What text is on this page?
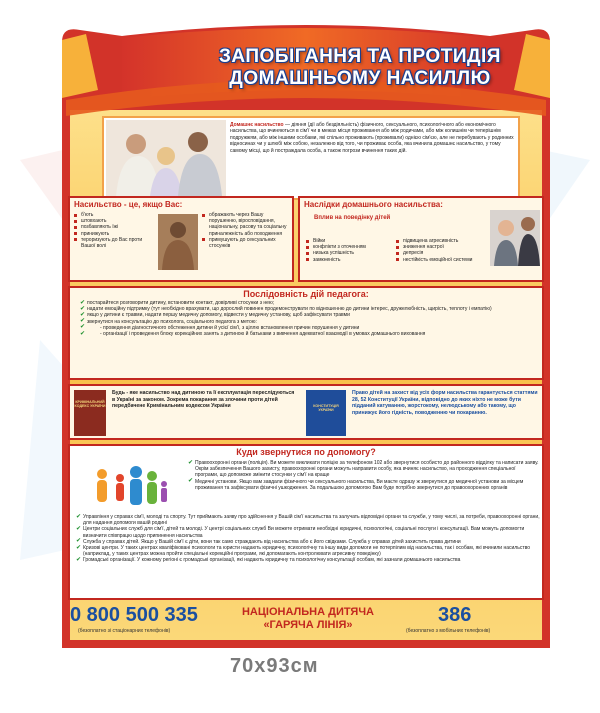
ЗАПОБІГАННЯ ТА ПРОТИДІЯ
ДОМАШНЬОМУ НАСИЛЛЮ
Домашнє насильство — діяння (дії або бездіяльність) фізичного, сексуального, психологічного або економічного насильства, що вчиняються в сім'ї чи в межах місця проживання або між родичами, або між колишнім чи теперішнім подружжям, або між іншими особами, які спільно проживають (проживали) однією сім'єю, але не перебувають у родинних відносинах чи у шлюбі між собою, незалежно від того, чи проживає особа, яка вчинила домашнє насильство, у тому самому місці, що й постраждала особа, а також погрози вчинення таких дій.
Насильство - це, якщо Вас:
б'ють
штовхають
позбавляють їжі
принижують
тероризують до Вас проти Вашої волі
ображають через Вашу порушенню, віросповідання, національну, расову та соціальну приналежність або походження
примушують до сексуальних стосунків
Наслідки домашнього насильства:
Вплив на поведінку дітей
Війки
конфлікти з оточенням
низька успішність
замкненість
підвищена агресивність
зниження настрої
депресія
нестійкість емоційної системи
Послідовність дій педагога:
✔ постарайтеся розговорити дитину, встановити контакт, довірливі стосунки з нею;
✔ надати емоційну підтримку (тут необхідно врахувати, що дорослий повинен продемонструвати по відношенню до дитини інтерес, дружелюбність, щирість, теплоту і емпатію)
✔ якщо у дитини є травми, надати першу медичну допомогу, відвести у медичну установу, щоб зафіксувати травми
✔ звернутися на консультацію до психолога, соціального педагога з метою:
✔ - проведення діагностичного обстеження дитини й усієї сім'ї, з ціллю встановлення причин порушення у дитини
✔ - організації і проведення блоку корекційних занять з дитиною й батьками з вивчення адекватної взаємодії в умовах домашнього виховання
КРИМІНАЛЬНИЙ КОДЕКС УКРАЇНИ
Будь - яке насильство над дитиною та її експлуатація переслідуються в Україні за законом. Зокрема покарання за злочини проти дітей передбачене Кримінальним кодексом України	КОНСТИТУЦІЯ УКРАЇНИ
Право дітей на захист від усіх форм насильства гарантується статтями 28, 52 Конституції України, відповідно до яких ніхто не може бути підданий катуванню, жорстокому, нелюдському або такому, що принижує його гідність, поводженню чи покаранню.
Куди звернутися по допомогу?
✔ Правоохоронні органи (поліція). Ви можете викликати поліцію за телефоном 102 або звернутися особисто до районного відділку та написати заяву. Окрім забезпечення Вашого захисту, правоохоронні органи можуть направити особу, яка вчиняє насильство, на проходження спеціальної програми, що допоможе змінити стосунки у сім'ї на краще
✔ Медичні установи. Якщо вам завдали фізичного чи сексуального насильства, Ви маєте одразу ж звернутися до медичної установи за місцем проживання та зафіксувати фізичні ушкодження. За подальшою допомогою Вам буде потрібно звернутися до правоохоронних органів
✔ Управління у справах сім'ї, молоді та спорту. Тут приймають заяву про здійснення у Вашій сім'ї насильства та залучать відповідні органи та служби, у тому числі, за потреби, правоохоронні органи, для надання допомоги вашій родині
✔ Центри соціальних служб для сім'ї, дітей та молоді. У центрі соціальних служб Ви можете отримати необхідні юридичні, психологічні, соціальні послуги і консультації. Вам можуть допомогти визначити співпрацю щодо припинення насильства
✔ Служба у справах дітей. Якщо у Вашій сім'ї є діти, вони так само страждають від насильства або є його свідками. Служба у справах дітей захистить права дитини
✔ Кризові центри. У таких центрах кваліфіковані психологи та юристи надають юридичну, психологічну та іншу види допомоги не потерпілим від насильства, так і особам, які вчинили насильство (наприклад, у таких центрах можна пройти спеціальні корекційні програми, які допомагають контролювати агресивну поведінку)
✔ Громадські організації. У кожному регіоні є громадські організації, які надають юридичну та психологічну консультації особам, які зазнали домашнього насильства
0 800 500 335
(безоплатно зі стаціонарних телефонів)
НАЦІОНАЛЬНА ДИТЯЧА
«ГАРЯЧА ЛІНІЯ»	386
(безоплатно з мобільних телефонів)
70х93см
